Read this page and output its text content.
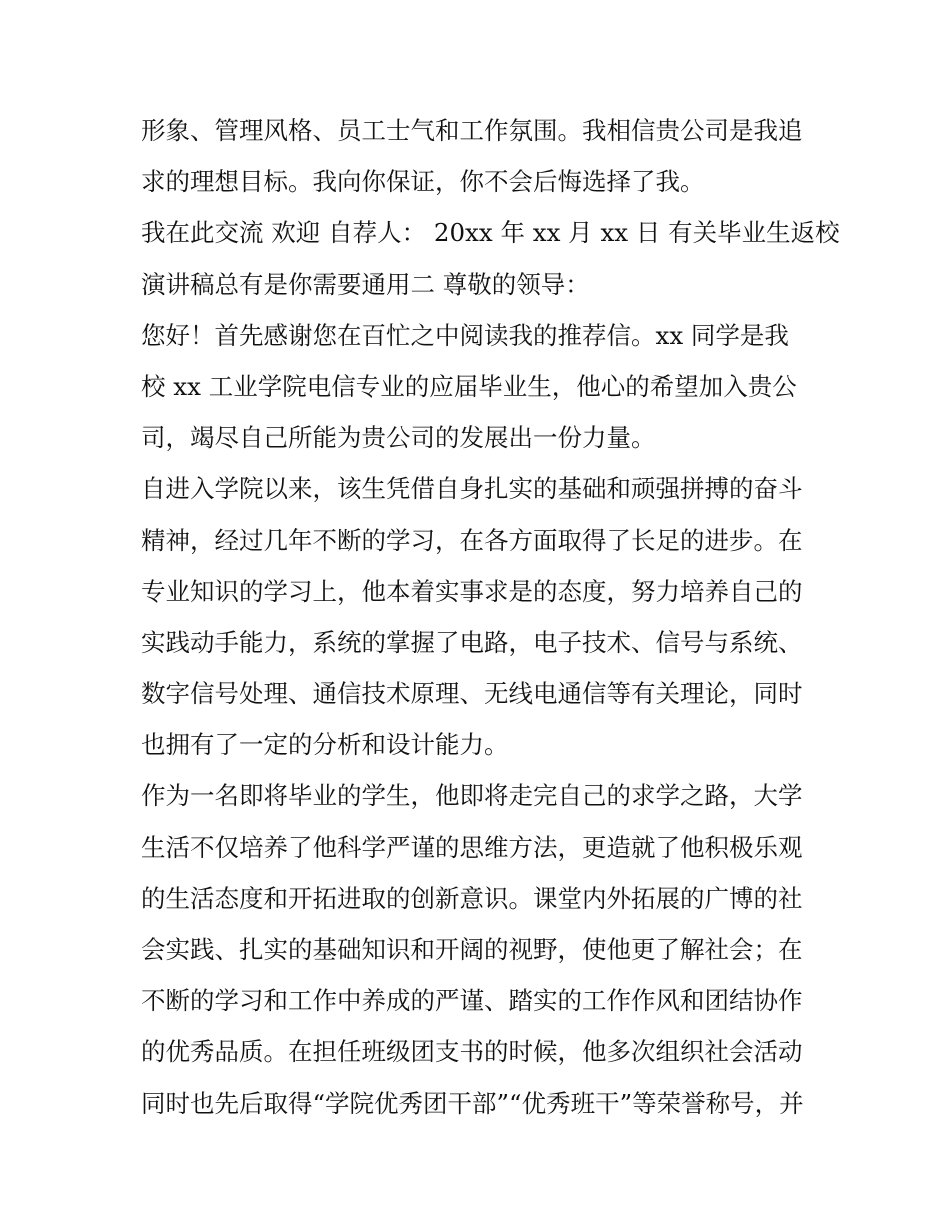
形象、管理风格、员工士气和工作氛围。我相信贵公司是我追
求的理想目标。我向你保证，你不会后悔选择了我。
我在此交流 欢迎 自荐人： 20xx 年 xx 月 xx 日 有关毕业生返校
演讲稿总有是你需要通用二 尊敬的领导：
您好！首先感谢您在百忙之中阅读我的推荐信。xx 同学是我
校 xx 工业学院电信专业的应届毕业生，他心的希望加入贵公
司，竭尽自己所能为贵公司的发展出一份力量。
自进入学院以来，该生凭借自身扎实的基础和顽强拼搏的奋斗
精神，经过几年不断的学习，在各方面取得了长足的进步。在
专业知识的学习上，他本着实事求是的态度，努力培养自己的
实践动手能力，系统的掌握了电路，电子技术、信号与系统、
数字信号处理、通信技术原理、无线电通信等有关理论，同时
也拥有了一定的分析和设计能力。
作为一名即将毕业的学生，他即将走完自己的求学之路，大学
生活不仅培养了他科学严谨的思维方法，更造就了他积极乐观
的生活态度和开拓进取的创新意识。课堂内外拓展的广博的社
会实践、扎实的基础知识和开阔的视野，使他更了解社会；在
不断的学习和工作中养成的严谨、踏实的工作作风和团结协作
的优秀品质。在担任班级团支书的时候，他多次组织社会活动
同时也先后取得“学院优秀团干部”“优秀班干”等荣誉称号，并
